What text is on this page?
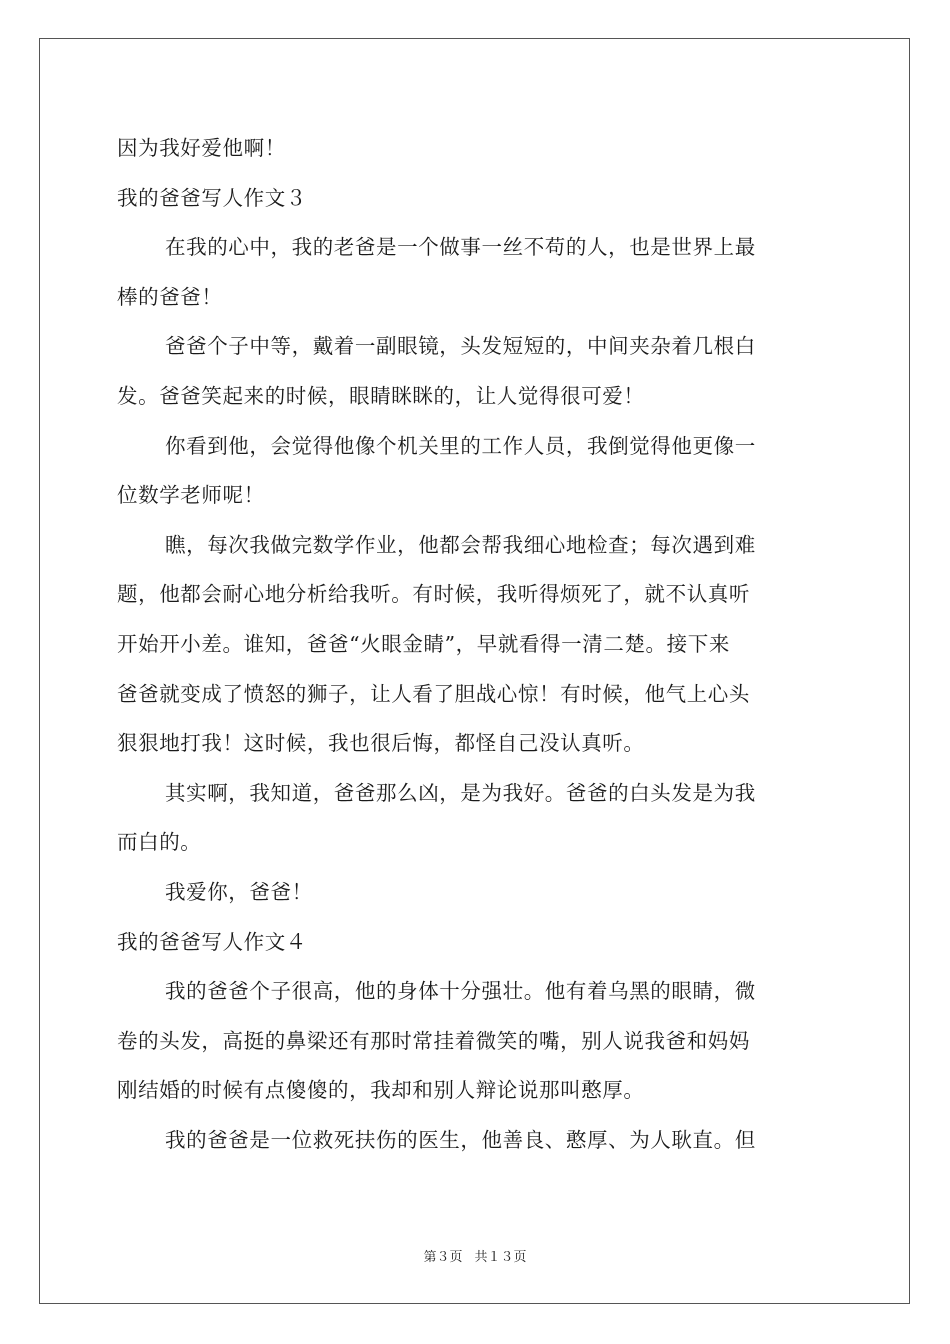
因为我好爱他啊！
我的爸爸写人作文３
在我的心中，我的老爸是一个做事一丝不苟的人，也是世界上最
棒的爸爸！
爸爸个子中等，戴着一副眼镜，头发短短的，中间夹杂着几根白
发。爸爸笑起来的时候，眼睛眯眯的，让人觉得很可爱！
你看到他，会觉得他像个机关里的工作人员，我倒觉得他更像一
位数学老师呢！
瞧，每次我做完数学作业，他都会帮我细心地检查；每次遇到难
题，他都会耐心地分析给我听。有时候，我听得烦死了，就不认真听
开始开小差。谁知，爸爸“火眼金睛”，早就看得一清二楚。接下来
爸爸就变成了愤怒的狮子，让人看了胆战心惊！有时候，他气上心头
狠狠地打我！这时候，我也很后悔，都怪自己没认真听。
其实啊，我知道，爸爸那么凶，是为我好。爸爸的白头发是为我
而白的。
我爱你，爸爸！
我的爸爸写人作文４
我的爸爸个子很高，他的身体十分强壮。他有着乌黑的眼睛，微
卷的头发，高挺的鼻梁还有那时常挂着微笑的嘴，别人说我爸和妈妈
刚结婚的时候有点傻傻的，我却和别人辩论说那叫憨厚。
我的爸爸是一位救死扶伤的医生，他善良、憨厚、为人耿直。但
第３页 共１３页
